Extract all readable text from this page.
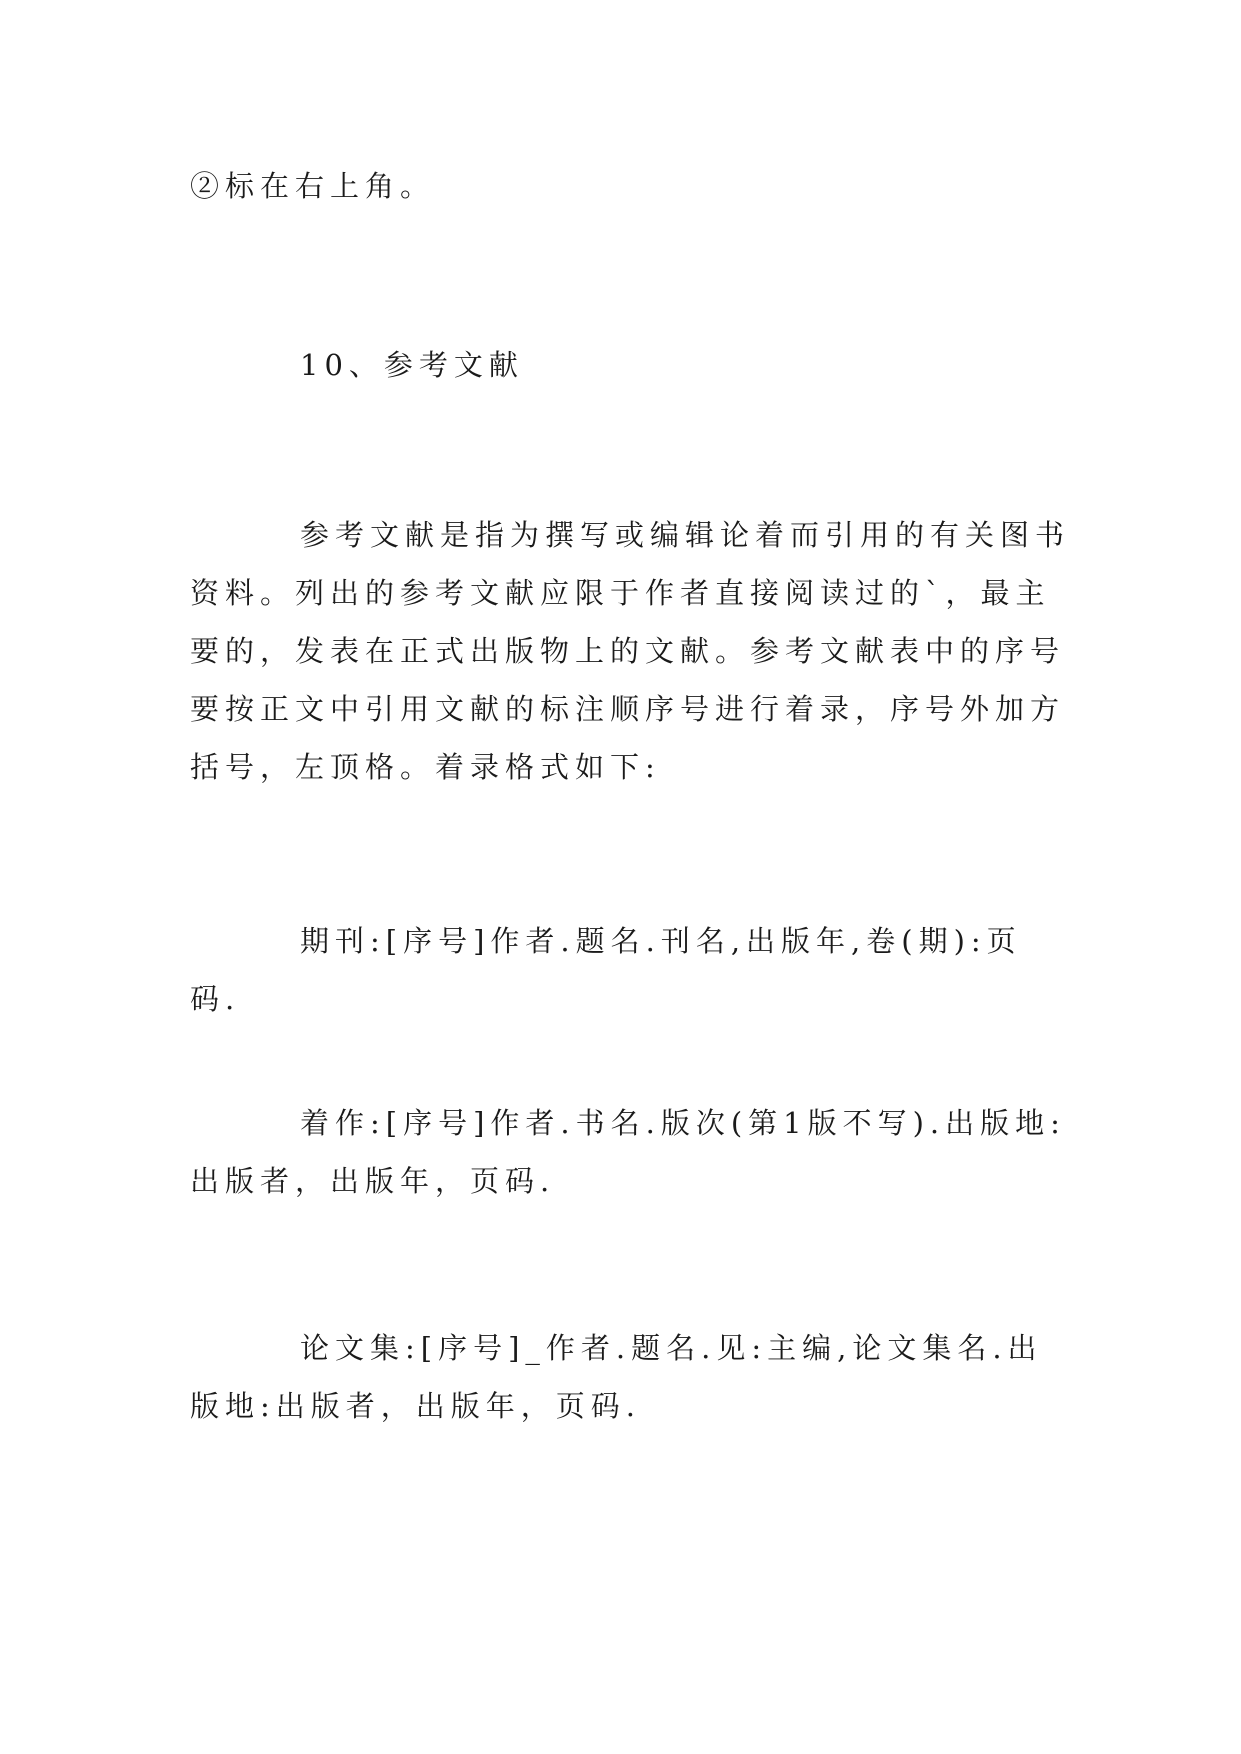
②标在右上角。

10、参考文献

参考文献是指为撰写或编辑论着而引用的有关图书资料。列出的参考文献应限于作者直接阅读过的`，最主要的，发表在正式出版物上的文献。参考文献表中的序号要按正文中引用文献的标注顺序号进行着录，序号外加方括号，左顶格。着录格式如下:

期刊:[序号]作者.题名.刊名,出版年,卷(期):页码.

着作:[序号]作者.书名.版次(第1版不写).出版地:出版者，出版年，页码.

论文集:[序号]_作者.题名.见:主编,论文集名.出版地:出版者，出版年，页码.
